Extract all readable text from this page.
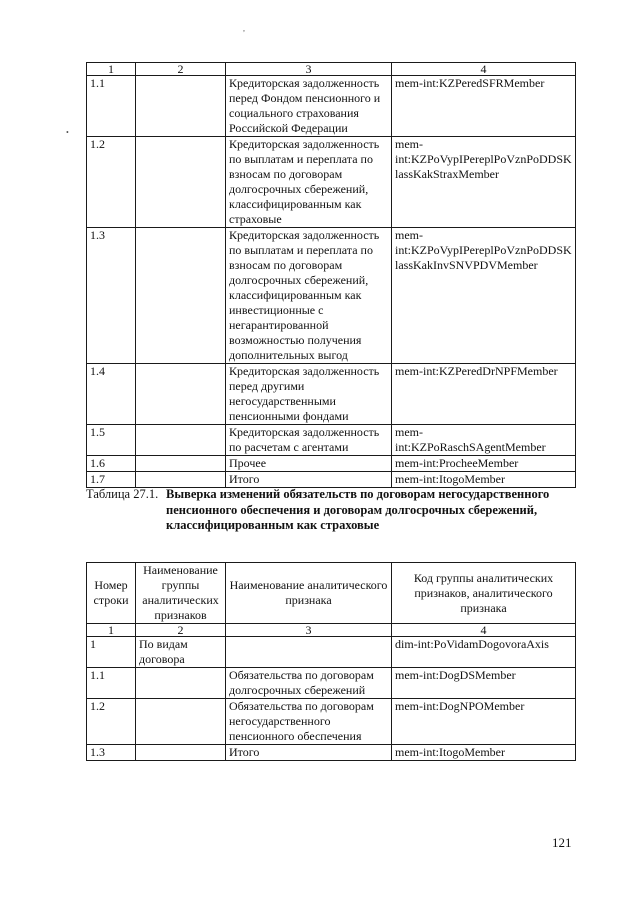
,
•
1	2	3	4
1.1		Кредиторская задолженность перед Фондом пенсионного и социального страхования Российской Федерации	mem-int:KZPeredSFRMember
1.2		Кредиторская задолженность по выплатам и переплата по взносам по договорам долгосрочных сбережений, классифицированным как страховые	mem-int:KZPoVypIPereplPoVznPoDDSKlassKakStraxMember
1.3		Кредиторская задолженность по выплатам и переплата по взносам по договорам долгосрочных сбережений, классифицированным как инвестиционные с негарантированной возможностью получения дополнительных выгод	mem-int:KZPoVypIPereplPoVznPoDDSKlassKakInvSNVPDVMember
1.4		Кредиторская задолженность перед другими негосударственными пенсионными фондами	mem-int:KZPeredDrNPFMember
1.5		Кредиторская задолженность по расчетам с агентами	mem-int:KZPoRaschSAgentMember
1.6		Прочее	mem-int:ProcheeMember
1.7		Итого	mem-int:ItogoMember
Таблица 27.1. Выверка изменений обязательств по договорам негосударственного
пенсионного обеспечения и договорам долгосрочных сбережений,
классифицированным как страховые
Номер строки	Наименование группы аналитических признаков	Наименование аналитического признака	Код группы аналитических признаков, аналитического признака
1	2	3	4
1	По видам договора		dim-int:PoVidamDogovoraAxis
1.1		Обязательства по договорам долгосрочных сбережений	mem-int:DogDSMember
1.2		Обязательства по договорам негосударственного пенсионного обеспечения	mem-int:DogNPOMember
1.3		Итого	mem-int:ItogoMember
121
